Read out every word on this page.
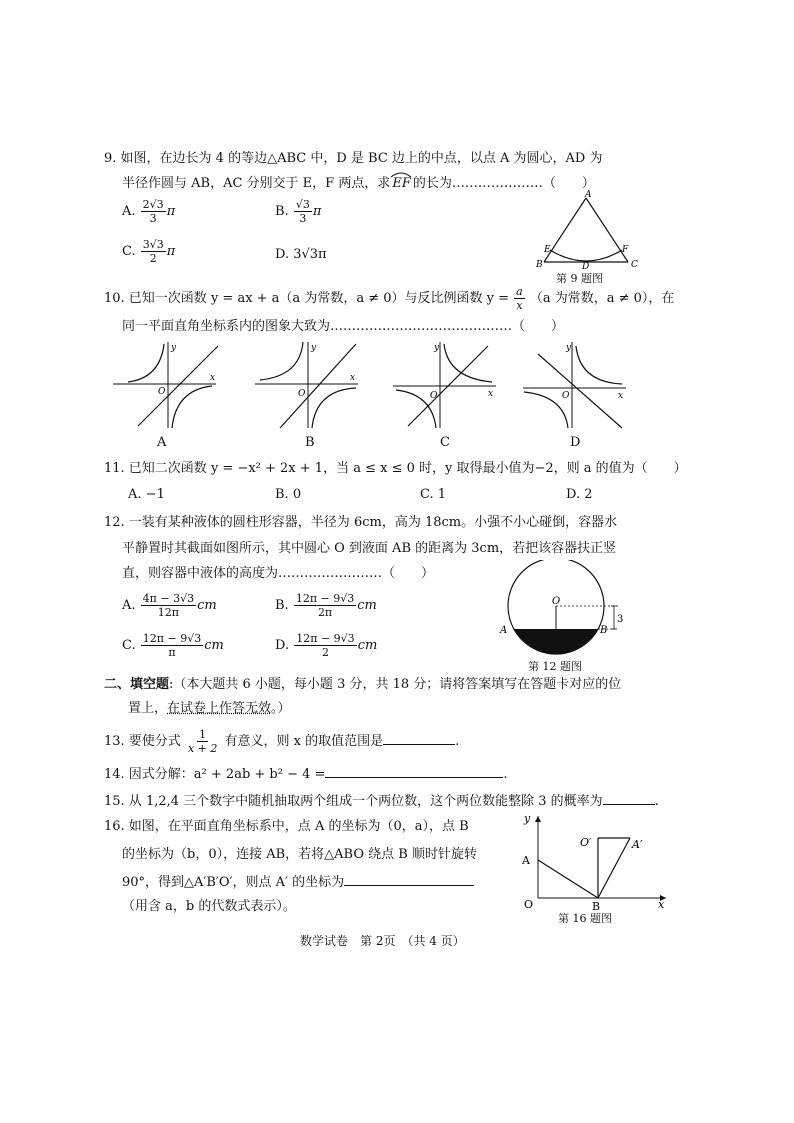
9. 如图，在边长为 4 的等边△ABC 中，D 是 BC 边上的中点，以点 A 为圆心，AD 为
半径作圆与 AB，AC 分别交于 E，F 两点，求 EF 的长为…………………（　　）
A. $\frac{2√3}{3}$ π	B. $\frac{√3}{3}$ π
C. $\frac{3√3}{2}$ π	D. 3√3π
A
B	C
D
E	F
第 9 题图
10. 已知一次函数 y = ax + a（a 为常数，a ≠ 0）与反比例函数 $y = \frac{a}{x} (a$ 为常数，a ≠ 0），在
同一平面直角坐标系内的图象大致为……………………………………（　　）
O
x
y
A
O
x
y
B
O	x
y
C
O	x
y
D
11. 已知二次函数 y = −x² + 2x + 1，当 a ≤ x ≤ 0 时，y 取得最小值为−2，则 a 的值为（　　）
A. −1	B. 0	C. 1	D. 2
12. 一装有某种液体的圆柱形容器，半径为 6cm，高为 18cm。小强不小心碰倒，容器水
平静置时其截面如图所示，其中圆心 O 到液面 AB 的距离为 3cm，若把该容器扶正竖
直，则容器中液体的高度为……………………（　　）
A. $\frac{4\pi - 3√3}{12\pi}$ cm	B. $\frac{12\pi - 9√3}{2\pi}$ cm
C. $\frac{12\pi - 9√3}{\pi}$ cm	D. $\frac{12\pi - 9√3}{2}$ cm
O
A	B
3
第 12 题图
二、填空题:（本大题共 6 小题，每小题 3 分，共 18 分；请将答案填写在答题卡对应的位
置上，在试卷上作答无效。）
13. 要使分式 $\frac{1}{x + 2}$ 有意义，则 x 的取值范围是	.
14. 因式分解：a² + 2ab + b² − 4 =	.
15. 从 1,2,4 三个数字中随机抽取两个组成一个两位数，这个两位数能整除 3 的概率为	.
16. 如图，在平面直角坐标系中，点 A 的坐标为（0，a），点 B
的坐标为（b，0），连接 AB，若将△ABO 绕点 B 顺时针旋转
90°，得到△A′B′O′，则点 A′ 的坐标为
（用含 a，b 的代数式表示）。
y
x
O
A
B
O′	A′
第 16 题图
数学试卷　第 2页　（共 4 页）
